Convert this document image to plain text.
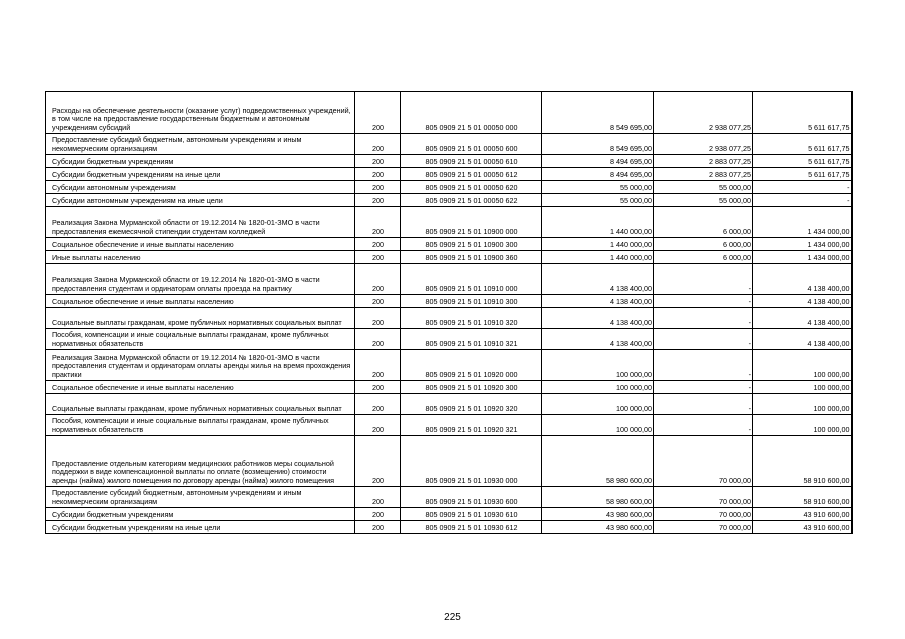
Расходы на обеспечение деятельности (оказание услуг) подведомственных учреждений, в том числе на предоставление государственным бюджетным и автономным учреждениям субсидий	200	805 0909 21 5 01 00050 000	8 549 695,00	2 938 077,25	5 611 617,75
Предоставление субсидий бюджетным, автономным учреждениям и иным некоммерческим организациям	200	805 0909 21 5 01 00050 600	8 549 695,00	2 938 077,25	5 611 617,75
Субсидии бюджетным учреждениям	200	805 0909 21 5 01 00050 610	8 494 695,00	2 883 077,25	5 611 617,75
Субсидии бюджетным учреждениям на иные цели	200	805 0909 21 5 01 00050 612	8 494 695,00	2 883 077,25	5 611 617,75
Субсидии автономным учреждениям	200	805 0909 21 5 01 00050 620	55 000,00	55 000,00	-
Субсидии автономным учреждениям на иные цели	200	805 0909 21 5 01 00050 622	55 000,00	55 000,00	-
Реализация Закона Мурманской области от 19.12.2014 № 1820-01-ЗМО в части предоставления ежемесячной стипендии студентам колледжей	200	805 0909 21 5 01 10900 000	1 440 000,00	6 000,00	1 434 000,00
Социальное обеспечение и иные выплаты населению	200	805 0909 21 5 01 10900 300	1 440 000,00	6 000,00	1 434 000,00
Иные выплаты населению	200	805 0909 21 5 01 10900 360	1 440 000,00	6 000,00	1 434 000,00
Реализация Закона Мурманской области от 19.12.2014 № 1820-01-ЗМО в части предоставления студентам и ординаторам оплаты проезда на практику	200	805 0909 21 5 01 10910 000	4 138 400,00	-	4 138 400,00
Социальное обеспечение и иные выплаты населению	200	805 0909 21 5 01 10910 300	4 138 400,00	-	4 138 400,00
Социальные выплаты гражданам, кроме публичных нормативных социальных выплат	200	805 0909 21 5 01 10910 320	4 138 400,00	-	4 138 400,00
Пособия, компенсации и иные социальные выплаты гражданам, кроме публичных нормативных обязательств	200	805 0909 21 5 01 10910 321	4 138 400,00	-	4 138 400,00
Реализация Закона Мурманской области от 19.12.2014 № 1820-01-ЗМО в части предоставления студентам и ординаторам оплаты аренды жилья на время прохождения практики	200	805 0909 21 5 01 10920 000	100 000,00	-	100 000,00
Социальное обеспечение и иные выплаты населению	200	805 0909 21 5 01 10920 300	100 000,00	-	100 000,00
Социальные выплаты гражданам, кроме публичных нормативных социальных выплат	200	805 0909 21 5 01 10920 320	100 000,00	-	100 000,00
Пособия, компенсации и иные социальные выплаты гражданам, кроме публичных нормативных обязательств	200	805 0909 21 5 01 10920 321	100 000,00	-	100 000,00
Предоставление отдельным категориям медицинских работников меры социальной поддержки в виде компенсационной выплаты по оплате (возмещению) стоимости аренды (найма) жилого помещения по договору аренды (найма) жилого помещения	200	805 0909 21 5 01 10930 000	58 980 600,00	70 000,00	58 910 600,00
Предоставление субсидий бюджетным, автономным учреждениям и иным некоммерческим организациям	200	805 0909 21 5 01 10930 600	58 980 600,00	70 000,00	58 910 600,00
Субсидии бюджетным учреждениям	200	805 0909 21 5 01 10930 610	43 980 600,00	70 000,00	43 910 600,00
Субсидии бюджетным учреждениям на иные цели	200	805 0909 21 5 01 10930 612	43 980 600,00	70 000,00	43 910 600,00
225
